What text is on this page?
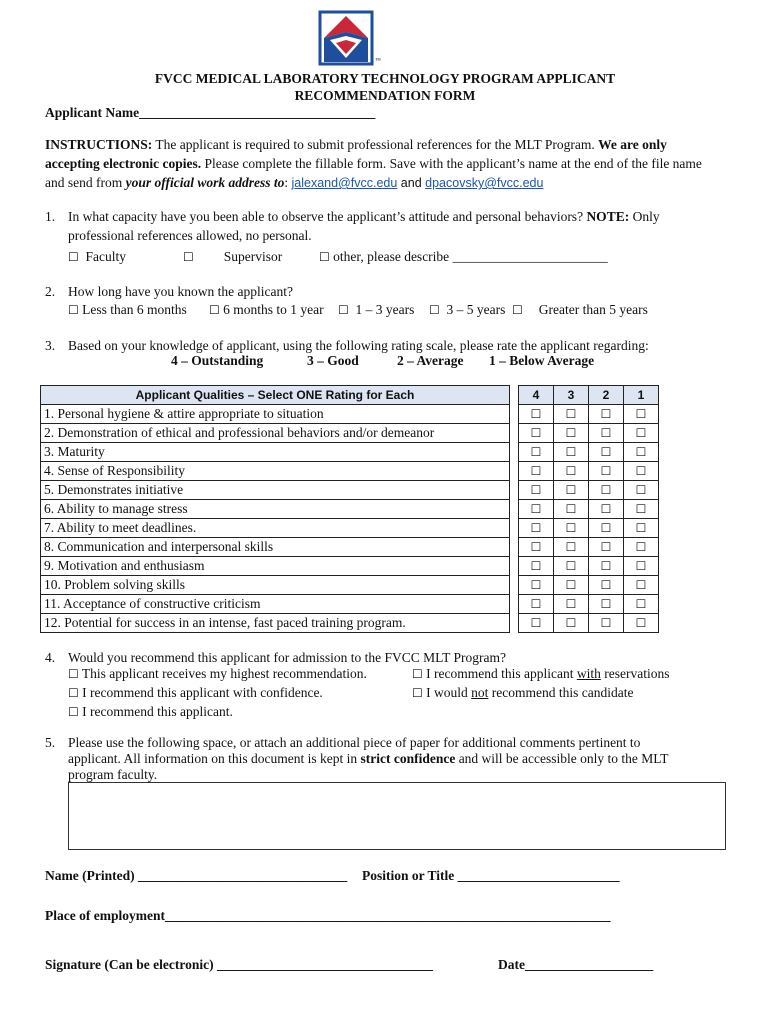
™
FVCC MEDICAL LABORATORY TECHNOLOGY PROGRAM APPLICANT
RECOMMENDATION FORM
Applicant Name___________________________________
INSTRUCTIONS: The applicant is required to submit professional references for the MLT Program. We are only
accepting electronic copies. Please complete the fillable form. Save with the applicant’s name at the end of the file name
and send from your official work address to: jalexand@fvcc.edu and dpacovsky@fvcc.edu
1. In what capacity have you been able to observe the applicant’s attitude and personal behaviors? NOTE: Only
professional references allowed, no personal.
☐ Faculty	☐ Supervisor	☐ other, please describe _______________________
2. How long have you known the applicant?
☐ Less than 6 months ☐ 6 months to 1 year ☐ 1 – 3 years ☐ 3 – 5 years ☐ Greater than 5 years
3. Based on your knowledge of applicant, using the following rating scale, please rate the applicant regarding:
4 – Outstanding	3 – Good	2 – Average 1 – Below Average
Applicant Qualities – Select ONE Rating for Each		4	3	2	1
1. Personal hygiene & attire appropriate to situation		☐	☐	☐	☐
2. Demonstration of ethical and professional behaviors and/or demeanor		☐	☐	☐	☐
3. Maturity		☐	☐	☐	☐
4. Sense of Responsibility		☐	☐	☐	☐
5. Demonstrates initiative		☐	☐	☐	☐
6. Ability to manage stress		☐	☐	☐	☐
7. Ability to meet deadlines.		☐	☐	☐	☐
8. Communication and interpersonal skills		☐	☐	☐	☐
9. Motivation and enthusiasm		☐	☐	☐	☐
10. Problem solving skills		☐	☐	☐	☐
11. Acceptance of constructive criticism		☐	☐	☐	☐
12. Potential for success in an intense, fast paced training program.		☐	☐	☐	☐
4. Would you recommend this applicant for admission to the FVCC MLT Program?
☐ This applicant receives my highest recommendation.	☐ I recommend this applicant with reservations
☐ I recommend this applicant with confidence.	☐ I would not recommend this candidate
☐ I recommend this applicant.
5. Please use the following space, or attach an additional piece of paper for additional comments pertinent to
applicant. All information on this document is kept in strict confidence and will be accessible only to the MLT
program faculty.
Name (Printed) _______________________________ Position or Title ________________________
Place of employment__________________________________________________________________
Signature (Can be electronic) ________________________________	Date___________________
